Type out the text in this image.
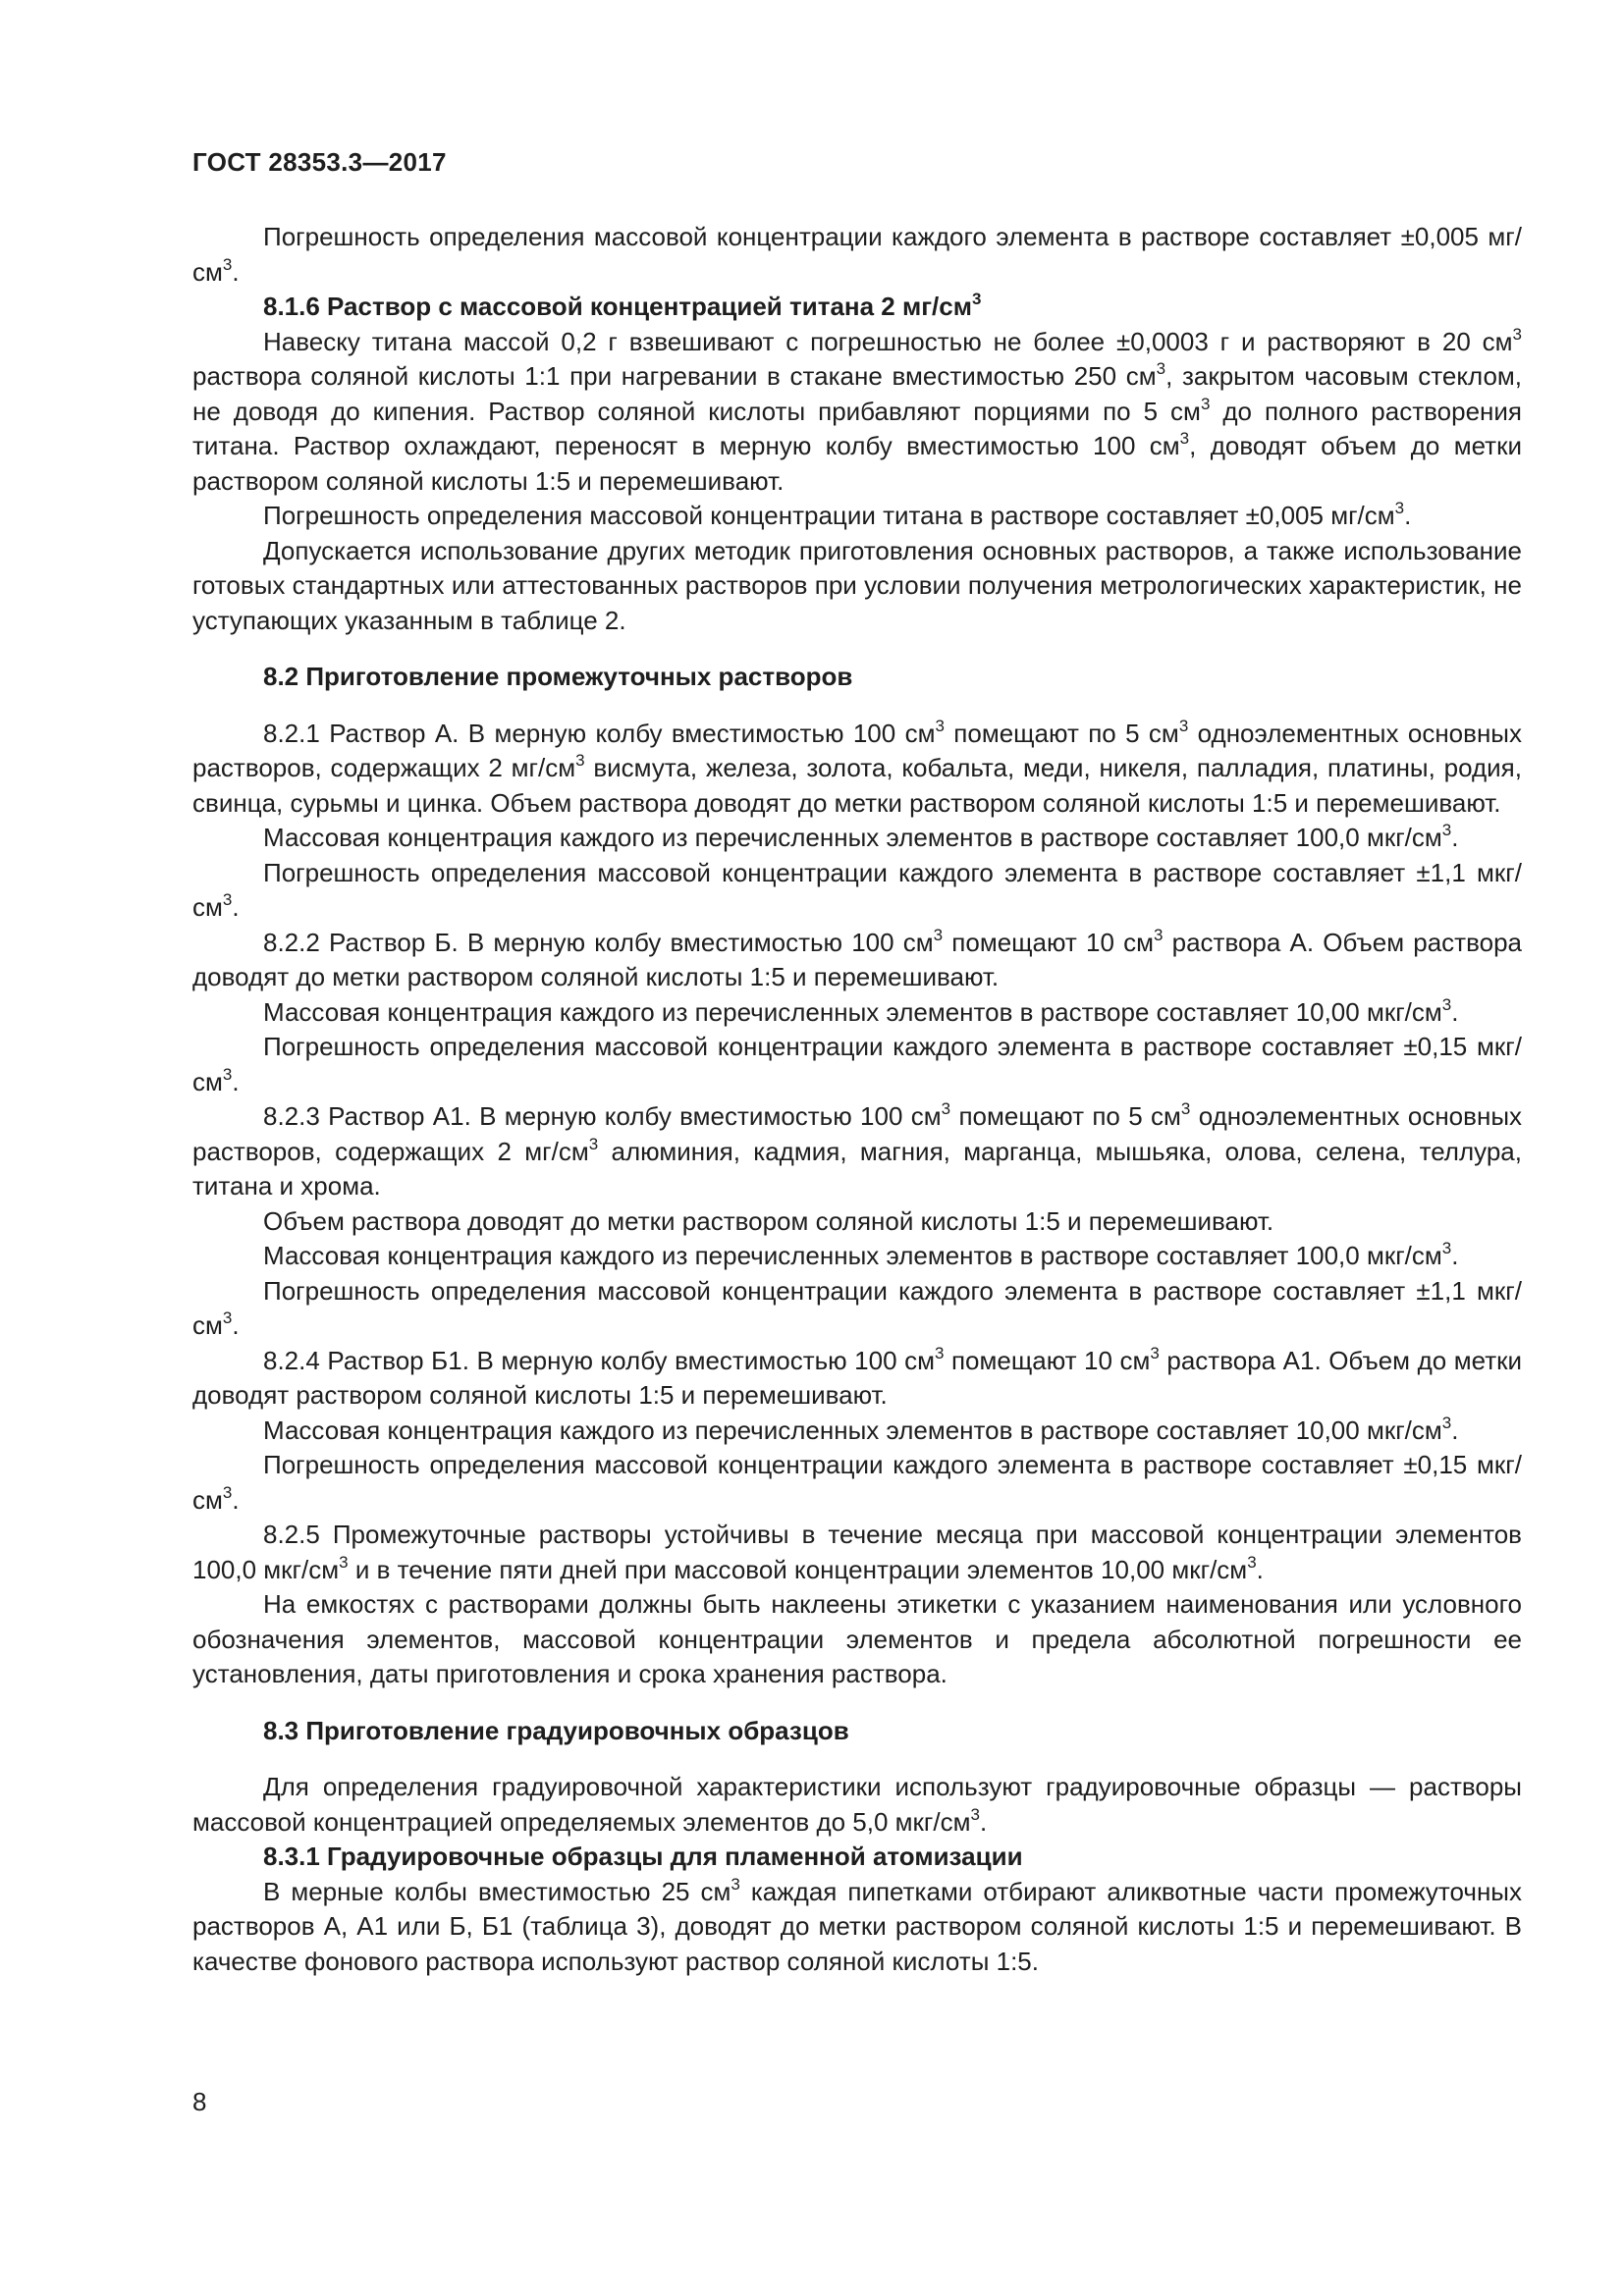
ГОСТ 28353.3—2017

Погрешность определения массовой концентрации каждого элемента в растворе составляет ±0,005 $мг/см^3$.

8.1.6 Раствор с массовой концентрацией титана 2 $мг/см^3$

Навеску титана массой 0,2 г взвешивают с погрешностью не более ±0,0003 г и растворяют в 20 $см^3$ раствора соляной кислоты 1:1 при нагревании в стакане вместимостью 250 $см^3$, закрытом часовым стеклом, не доводя до кипения. Раствор соляной кислоты прибавляют порциями по 5 $см^3$ до полного растворения титана. Раствор охлаждают, переносят в мерную колбу вместимостью 100 $см^3$, доводят объем до метки раствором соляной кислоты 1:5 и перемешивают.

Погрешность определения массовой концентрации титана в растворе составляет ±0,005 $мг/см^3$.

Допускается использование других методик приготовления основных растворов, а также использование готовых стандартных или аттестованных растворов при условии получения метрологических характеристик, не уступающих указанным в таблице 2.

8.2 Приготовление промежуточных растворов

8.2.1 Раствор А. В мерную колбу вместимостью 100 $см^3$ помещают по 5 $см^3$ одноэлементных основных растворов, содержащих 2 $мг/см^3$ висмута, железа, золота, кобальта, меди, никеля, палладия, платины, родия, свинца, сурьмы и цинка. Объем раствора доводят до метки раствором соляной кислоты 1:5 и перемешивают.

Массовая концентрация каждого из перечисленных элементов в растворе составляет 100,0 мкг/$см^3$.

Погрешность определения массовой концентрации каждого элемента в растворе составляет ±1,1 мкг/$см^3$.

8.2.2 Раствор Б. В мерную колбу вместимостью 100 $см^3$ помещают 10 $см^3$ раствора А. Объем раствора доводят до метки раствором соляной кислоты 1:5 и перемешивают.

Массовая концентрация каждого из перечисленных элементов в растворе составляет 10,00 мкг/$см^3$.

Погрешность определения массовой концентрации каждого элемента в растворе составляет ±0,15 мкг/$см^3$.

8.2.3 Раствор А1. В мерную колбу вместимостью 100 $см^3$ помещают по 5 $см^3$ одноэлементных основных растворов, содержащих 2 $мг/см^3$ алюминия, кадмия, магния, марганца, мышьяка, олова, селена, теллура, титана и хрома.

Объем раствора доводят до метки раствором соляной кислоты 1:5 и перемешивают.

Массовая концентрация каждого из перечисленных элементов в растворе составляет 100,0 мкг/$см^3$.

Погрешность определения массовой концентрации каждого элемента в растворе составляет ±1,1 мкг/$см^3$.

8.2.4 Раствор Б1. В мерную колбу вместимостью 100 $см^3$ помещают 10 $см^3$ раствора А1. Объем до метки доводят раствором соляной кислоты 1:5 и перемешивают.

Массовая концентрация каждого из перечисленных элементов в растворе составляет 10,00 мкг/$см^3$.

Погрешность определения массовой концентрации каждого элемента в растворе составляет ±0,15 мкг/$см^3$.

8.2.5 Промежуточные растворы устойчивы в течение месяца при массовой концентрации элементов 100,0 мкг/$см^3$ и в течение пяти дней при массовой концентрации элементов 10,00 мкг/$см^3$.

На емкостях с растворами должны быть наклеены этикетки с указанием наименования или условного обозначения элементов, массовой концентрации элементов и предела абсолютной погрешности ее установления, даты приготовления и срока хранения раствора.

8.3 Приготовление градуировочных образцов

Для определения градуировочной характеристики используют градуировочные образцы — растворы массовой концентрацией определяемых элементов до 5,0 мкг/$см^3$.

8.3.1 Градуировочные образцы для пламенной атомизации

В мерные колбы вместимостью 25 $см^3$ каждая пипетками отбирают аликвотные части промежуточных растворов А, А1 или Б, Б1 (таблица 3), доводят до метки раствором соляной кислоты 1:5 и перемешивают. В качестве фонового раствора используют раствор соляной кислоты 1:5.

8
